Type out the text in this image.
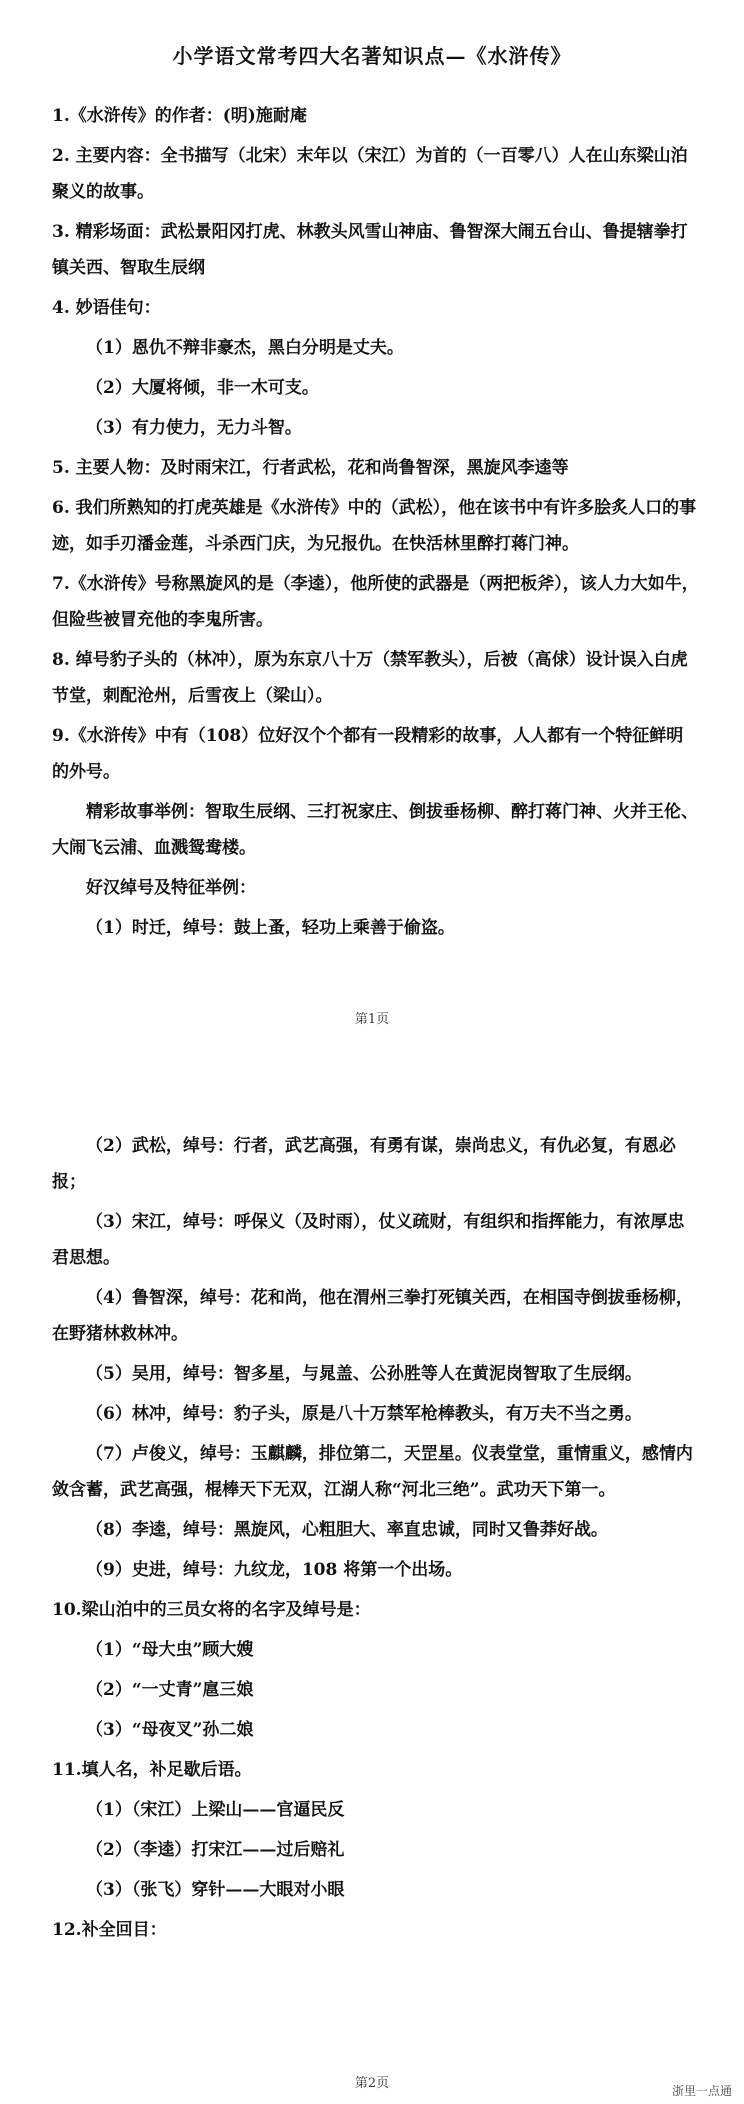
小学语文常考四大名著知识点—《水浒传》
1.《水浒传》的作者：(明)施耐庵
2. 主要内容：全书描写（北宋）末年以（宋江）为首的（一百零八）人在山东梁山泊聚义的故事。
3. 精彩场面：武松景阳冈打虎、林教头风雪山神庙、鲁智深大闹五台山、鲁提辖拳打镇关西、智取生辰纲
4. 妙语佳句：
（1）恩仇不辩非豪杰，黑白分明是丈夫。
（2）大厦将倾，非一木可支。
（3）有力使力，无力斗智。
5. 主要人物：及时雨宋江，行者武松，花和尚鲁智深，黑旋风李逵等
6. 我们所熟知的打虎英雄是《水浒传》中的（武松），他在该书中有许多脍炙人口的事迹，如手刃潘金莲，斗杀西门庆，为兄报仇。在快活林里醉打蒋门神。
7.《水浒传》号称黑旋风的是（李逵），他所使的武器是（两把板斧），该人力大如牛，但险些被冒充他的李鬼所害。
8. 绰号豹子头的（林冲），原为东京八十万（禁军教头），后被（高俅）设计误入白虎节堂，刺配沧州，后雪夜上（梁山）。
9.《水浒传》中有（108）位好汉个个都有一段精彩的故事，人人都有一个特征鲜明的外号。
精彩故事举例：智取生辰纲、三打祝家庄、倒拔垂杨柳、醉打蒋门神、火并王伦、大闹飞云浦、血溅鸳鸯楼。
好汉绰号及特征举例：
（1）时迁，绰号：鼓上蚤，轻功上乘善于偷盗。
第1页
（2）武松，绰号：行者，武艺高强，有勇有谋，崇尚忠义，有仇必复，有恩必报；
（3）宋江，绰号：呼保义（及时雨），仗义疏财，有组织和指挥能力，有浓厚忠君思想。
（4）鲁智深，绰号：花和尚，他在渭州三拳打死镇关西，在相国寺倒拔垂杨柳，在野猪林救林冲。
（5）吴用，绰号：智多星，与晁盖、公孙胜等人在黄泥岗智取了生辰纲。
（6）林冲，绰号：豹子头，原是八十万禁军枪棒教头，有万夫不当之勇。
（7）卢俊义，绰号：玉麒麟，排位第二，天罡星。仪表堂堂，重情重义，感情内敛含蓄，武艺高强，棍棒天下无双，江湖人称“河北三绝”。武功天下第一。
（8）李逵，绰号：黑旋风，心粗胆大、率直忠诚，同时又鲁莽好战。
（9）史进，绰号：九纹龙，108 将第一个出场。
10.梁山泊中的三员女将的名字及绰号是：
（1）“母大虫”顾大嫂
（2）“一丈青”扈三娘
（3）“母夜叉”孙二娘
11.填人名，补足歇后语。
（1）（宋江）上梁山——官逼民反
（2）（李逵）打宋江——过后赔礼
（3）（张飞）穿针——大眼对小眼
12.补全回目：
第2页	浙里一点通
